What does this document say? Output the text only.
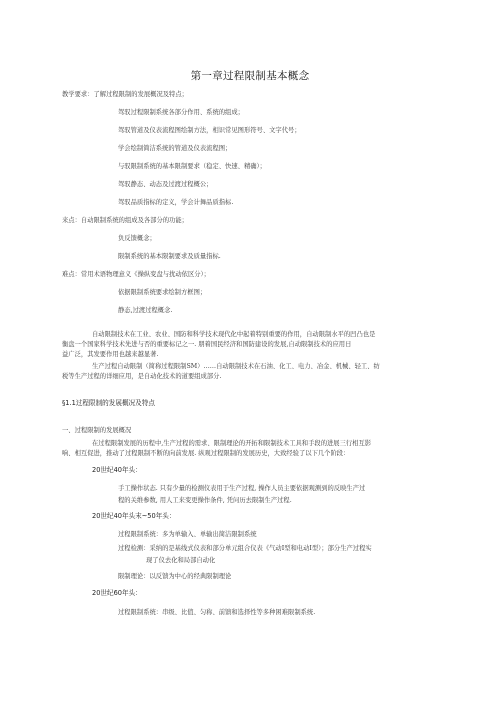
第一章过程限制基本概念
教学要求：了解过程限制的发展概况及特点；
驾驭过程限制系统各部分作用、系统的组成；
驾驭管道及仪表流程图绘制方法，相识常见图形符号、文字代号；
学会绘制简洁系统的管道及仪表流程图；
与驭限制系统的基本限制要求（稳定、快速、精确）；
驾驭静态、动态及过渡过程概公；
驾驭品质指标的定义，学会计舞品质指标.
来点：自动限制系统的组成及各部分的功能；
负反馈概念；
限制系统的基本限制要求及质量指标.
难点：常用术语物理意义《操纵变盘与扰动依区分）；
依据限制系统要求绘制方框图；
静态,过渡过程概念.
自动限制技术在工业、农业、国防和科学技术现代化中起着特别重要的作用，自动限制水平的凹凸也是
衡盘一个国家科学技术先进与否的重要标记之一. 朋着国民经济和国防建设的发展,自动限制技术的应用日
益广泛，其发要作用也越来越显著.
生产过程自动限制（简称过程限制SM）……自动限制技术在石油、化工、电力、冶金、机械、轻工、纺
税等生产过程的详细应用，是自动化技术的道要组成部分.
§1.1过程限制的发展概况及特点
一、过程限制的发展概况
在过程限制发展的历程中,生产过程的需求、限制理论的开拓和限制技术工具和手段的进展三行相互影
响、相互促进，推动了过程限制不断的向前发展. 纵观过程限制的发展历史，大致经验了以下几个阶段：
20世纪40年头：
手工操作状态. 只有少量的检测仪表用于生产过程, 操作人员主要依据观测到的反映生产过
程的关维参数, 用人工来变更操作条件, 凭问历去限制生产过程.
20世纪40年头末~50年头：
过程限制系统：多为单输入、单输出简洁限制系统
过程检测：采纳的是基线式仪表和部分单元组合仪表《气动Ⅰ型和电动Ⅰ型）；部分生产过程实
现了仪去化和局部自动化
限制理论：以反馈为中心的经典限制理论
20世纪60年头：
过程限制系统：串级、比值、匀称、前馈和选择性等多种困难限制系统.
